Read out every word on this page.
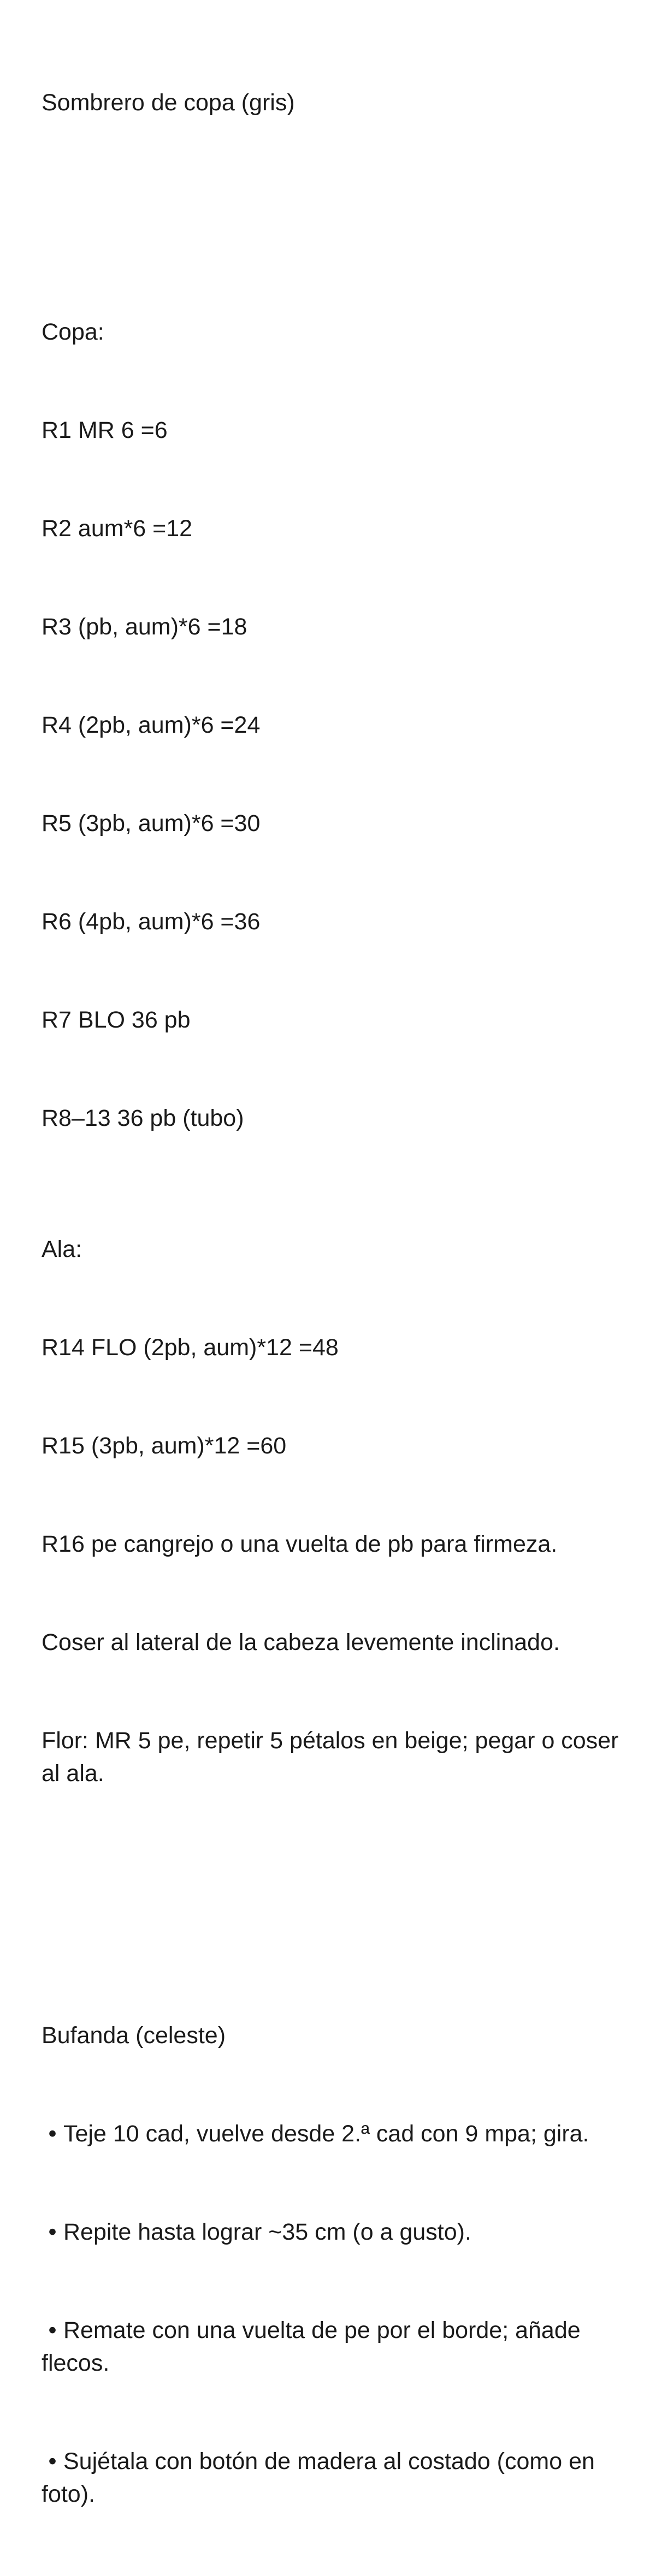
Sombrero de copa (gris)

Copa:

R1 MR 6 =6

R2 aum*6 =12

R3 (pb, aum)*6 =18

R4 (2pb, aum)*6 =24

R5 (3pb, aum)*6 =30

R6 (4pb, aum)*6 =36

R7 BLO 36 pb

R8–13 36 pb (tubo)

Ala:

R14 FLO (2pb, aum)*12 =48

R15 (3pb, aum)*12 =60

R16 pe cangrejo o una vuelta de pb para firmeza.

Coser al lateral de la cabeza levemente inclinado.

Flor: MR 5 pe, repetir 5 pétalos en beige; pegar o coser al ala.

Bufanda (celeste)

• Teje 10 cad, vuelve desde 2.ª cad con 9 mpa; gira.

• Repite hasta lograr ~35 cm (o a gusto).

• Remate con una vuelta de pe por el borde; añade flecos.

• Sujétala con botón de madera al costado (como en foto).
